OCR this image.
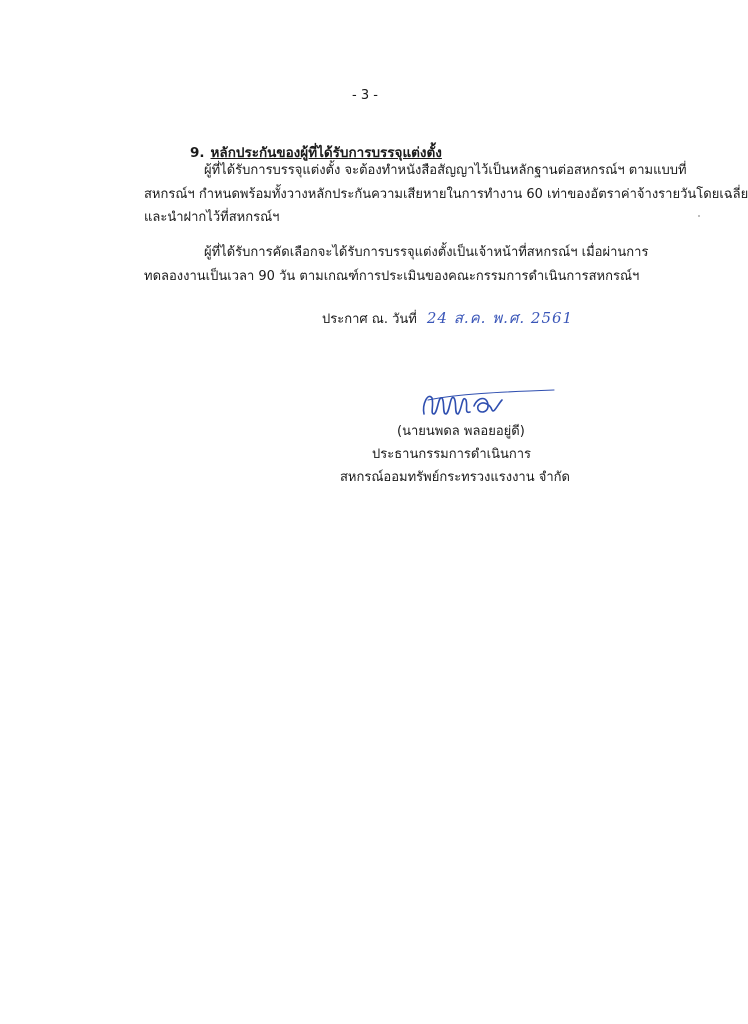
- 3 -
9. หลักประกันของผู้ที่ได้รับการบรรจุแต่งตั้ง
ผู้ที่ได้รับการบรรจุแต่งตั้ง จะต้องทำหนังสือสัญญาไว้เป็นหลักฐานต่อสหกรณ์ฯ ตามแบบที่
สหกรณ์ฯ กำหนดพร้อมทั้งวางหลักประกันความเสียหายในการทำงาน 60 เท่าของอัตราค่าจ้างรายวันโดยเฉลี่ย
และนำฝากไว้ที่สหกรณ์ฯ
ผู้ที่ได้รับการคัดเลือกจะได้รับการบรรจุแต่งตั้งเป็นเจ้าหน้าที่สหกรณ์ฯ เมื่อผ่านการ
ทดลองงานเป็นเวลา 90 วัน ตามเกณฑ์การประเมินของคณะกรรมการดำเนินการสหกรณ์ฯ
ประกาศ ณ. วันที่ 24 ส.ค. พ.ศ. 2561
(นายนพดล พลอยอยู่ดี)
ประธานกรรมการดำเนินการ
สหกรณ์ออมทรัพย์กระทรวงแรงงาน จำกัด
